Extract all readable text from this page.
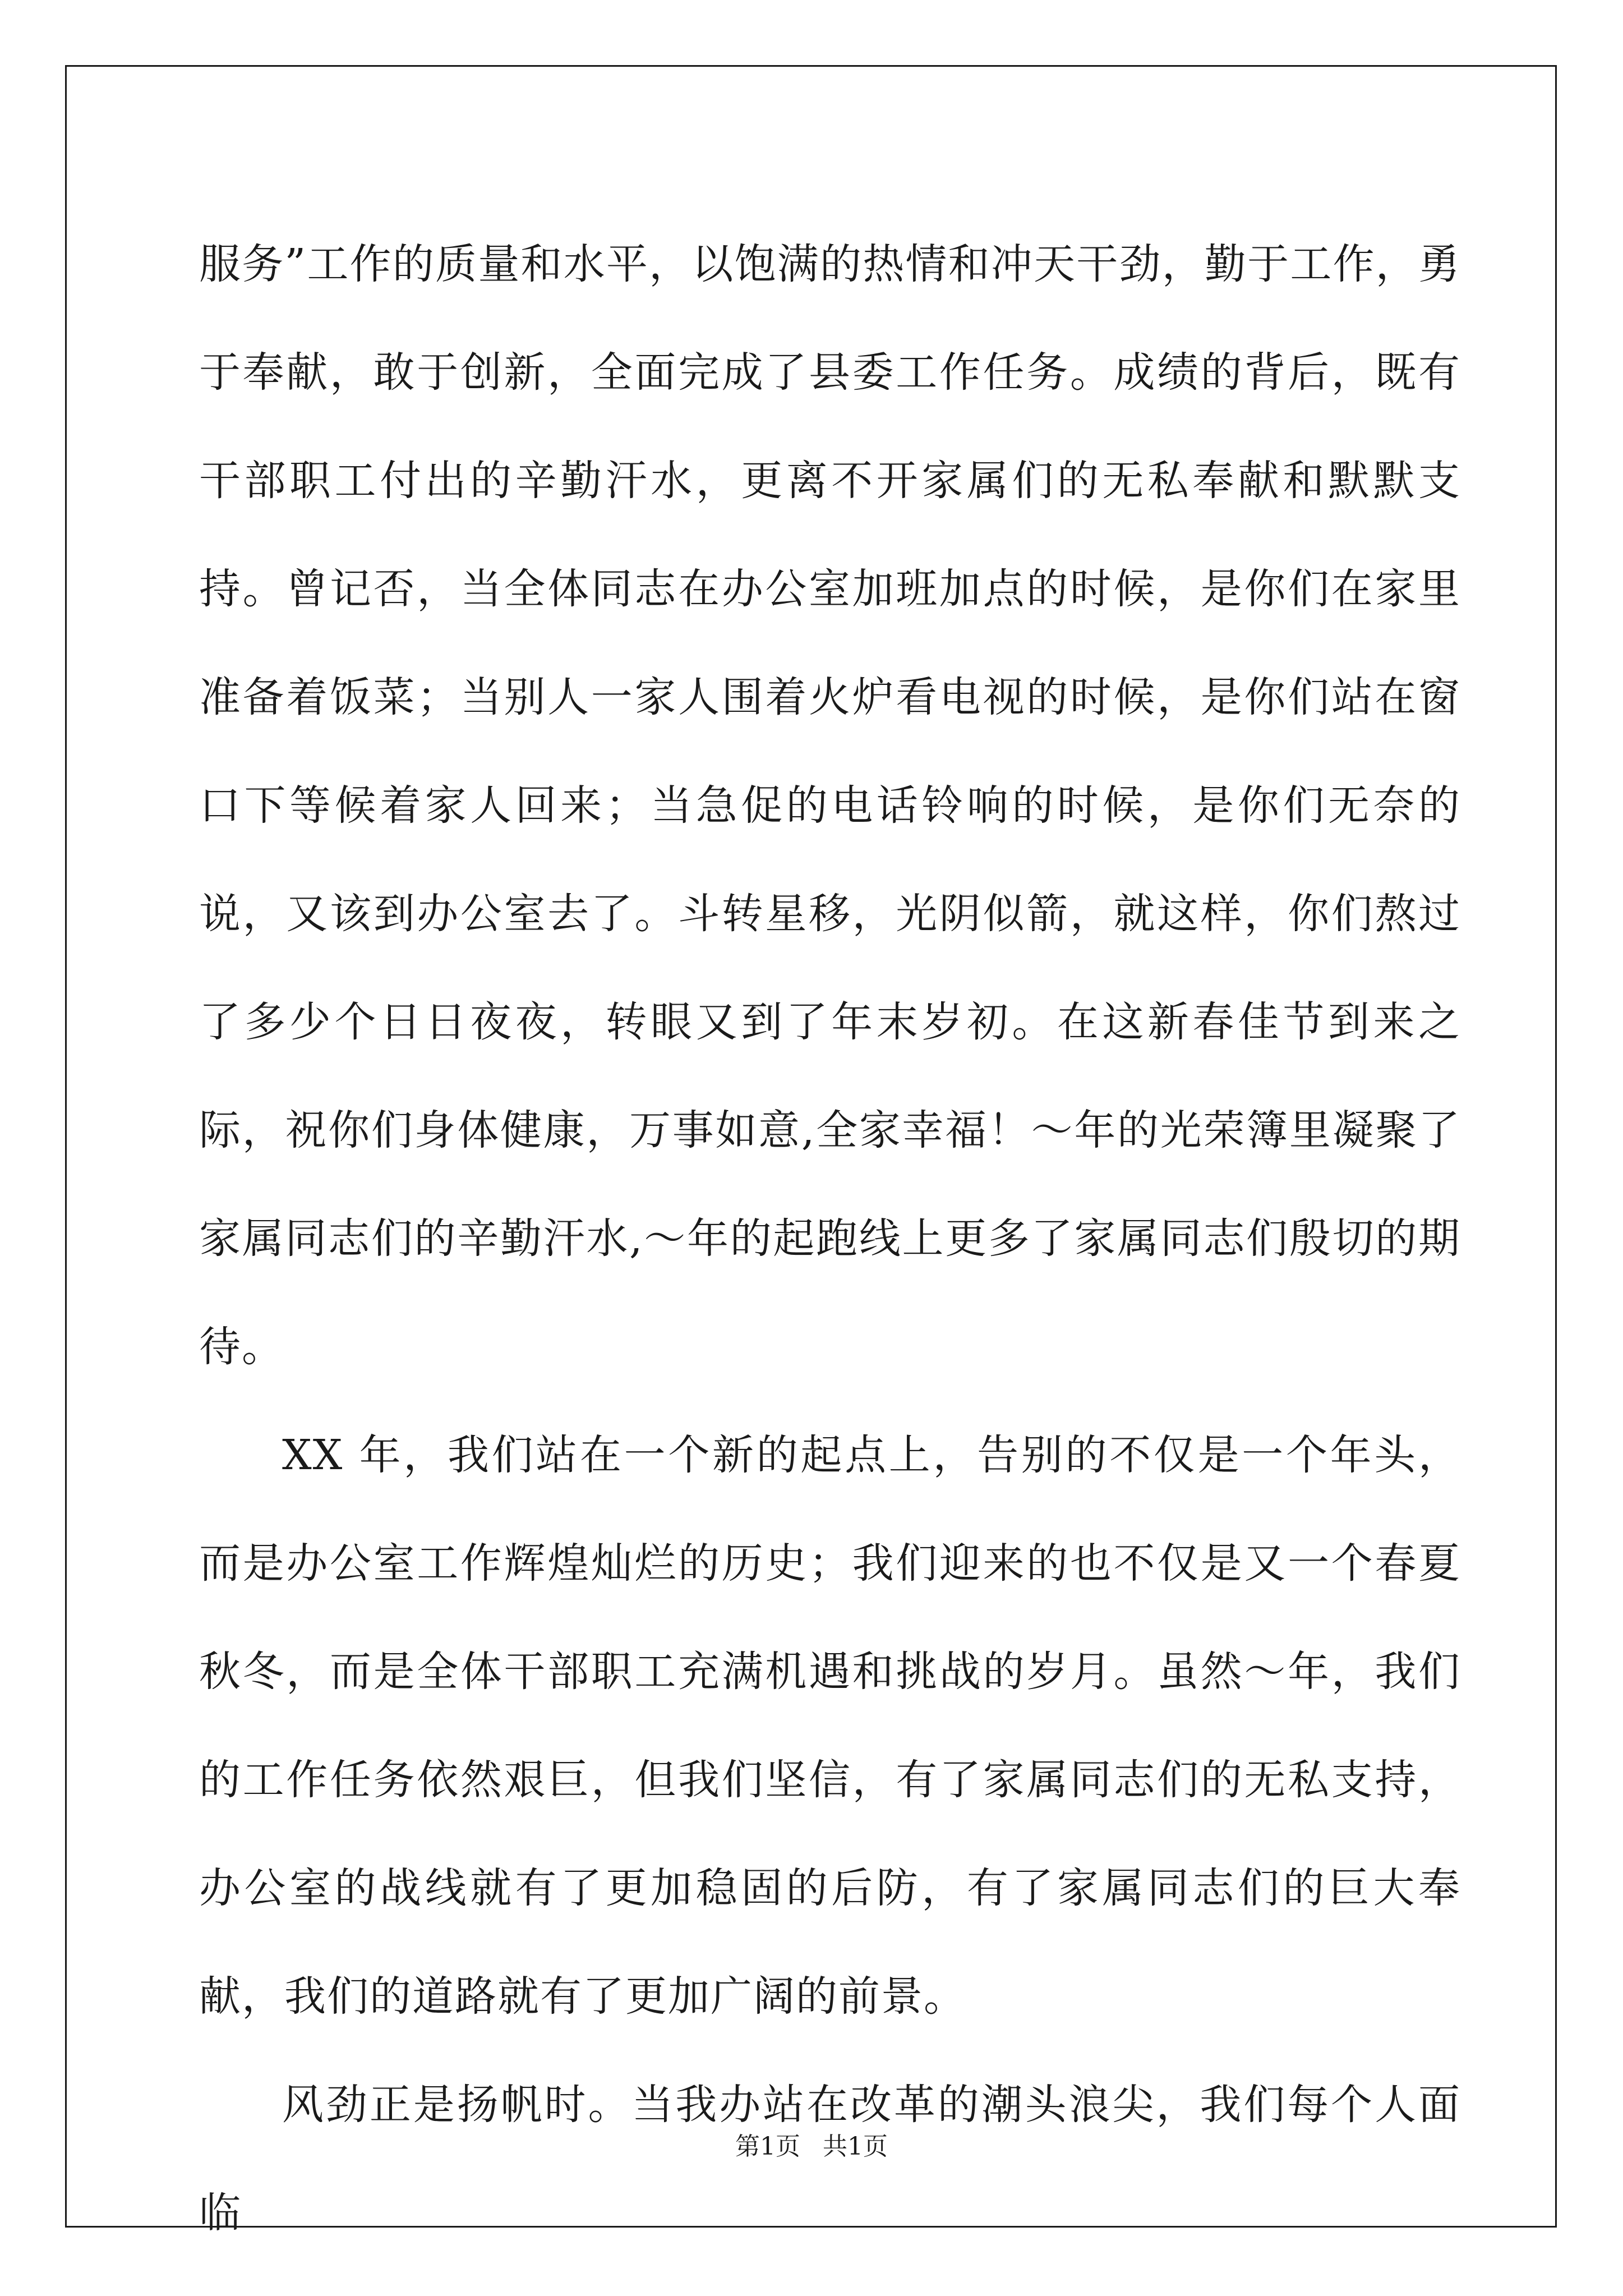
服务”工作的质量和水平，以饱满的热情和冲天干劲，勤于工作，勇于奉献，敢于创新，全面完成了县委工作任务。成绩的背后，既有干部职工付出的辛勤汗水，更离不开家属们的无私奉献和默默支持。曾记否，当全体同志在办公室加班加点的时候，是你们在家里准备着饭菜；当别人一家人围着火炉看电视的时候，是你们站在窗口下等候着家人回来；当急促的电话铃响的时候，是你们无奈的说，又该到办公室去了。斗转星移，光阴似箭，就这样，你们熬过了多少个日日夜夜，转眼又到了年末岁初。在这新春佳节到来之际，祝你们身体健康，万事如意,全家幸福！～年的光荣簿里凝聚了家属同志们的辛勤汗水,～年的起跑线上更多了家属同志们殷切的期待。

XX 年，我们站在一个新的起点上，告别的不仅是一个年头，而是办公室工作辉煌灿烂的历史；我们迎来的也不仅是又一个春夏秋冬，而是全体干部职工充满机遇和挑战的岁月。虽然～年，我们的工作任务依然艰巨，但我们坚信，有了家属同志们的无私支持，办公室的战线就有了更加稳固的后防，有了家属同志们的巨大奉献，我们的道路就有了更加广阔的前景。

风劲正是扬帆时。当我办站在改革的潮头浪尖，我们每个人面临

第1页 共1页
